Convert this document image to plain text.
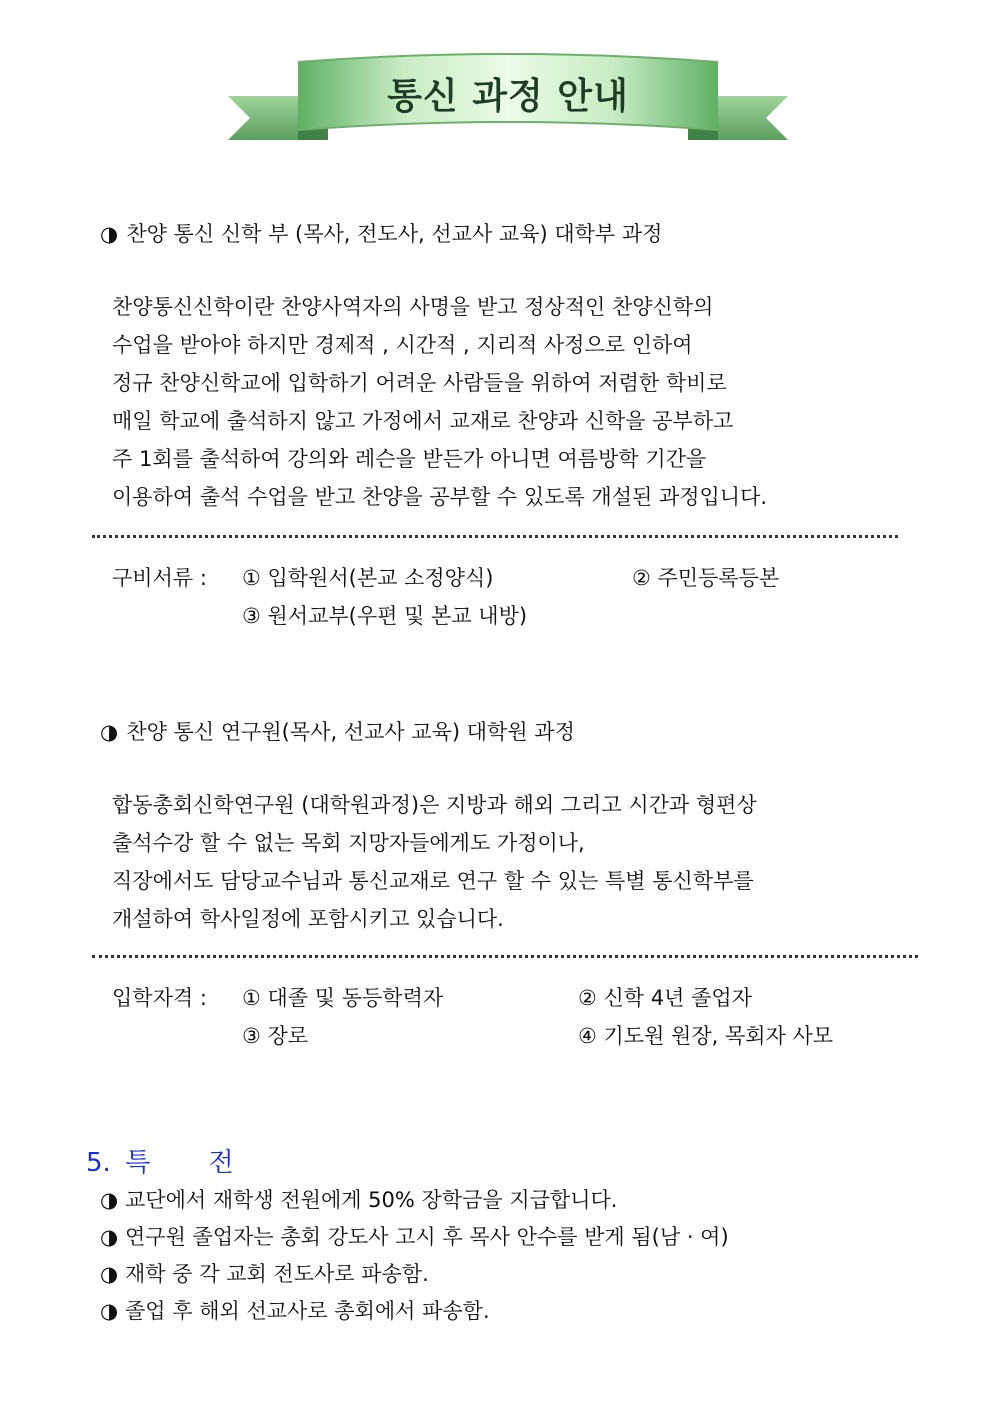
통신 과정 안내
◑ 찬양 통신 신학 부 (목사, 전도사, 선교사 교육) 대학부 과정
찬양통신신학이란 찬양사역자의 사명을 받고 정상적인 찬양신학의
수업을 받아야 하지만 경제적 , 시간적 , 지리적 사정으로 인하여
정규 찬양신학교에 입학하기 어려운 사람들을 위하여 저렴한 학비로
매일 학교에 출석하지 않고 가정에서 교재로 찬양과 신학을 공부하고
주 1회를 출석하여 강의와 레슨을 받든가 아니면 여름방학 기간을
이용하여 출석 수업을 받고 찬양을 공부할 수 있도록 개설된 과정입니다.
구비서류 : ① 입학원서(본교 소정양식)	② 주민등록등본
③ 원서교부(우편 및 본교 내방)
◑ 찬양 통신 연구원(목사, 선교사 교육) 대학원 과정
합동총회신학연구원 (대학원과정)은 지방과 해외 그리고 시간과 형편상
출석수강 할 수 없는 목회 지망자들에게도 가정이나,
직장에서도 담당교수님과 통신교재로 연구 할 수 있는 특별 통신학부를
개설하여 학사일정에 포함시키고 있습니다.
입학자격 : ① 대졸 및 동등학력자	② 신학 4년 졸업자
③ 장로	④ 기도원 원장, 목회자 사모
5. 특 전
◑ 교단에서 재학생 전원에게 50% 장학금을 지급합니다.
◑ 연구원 졸업자는 총회 강도사 고시 후 목사 안수를 받게 됨(남 · 여)
◑ 재학 중 각 교회 전도사로 파송함.
◑ 졸업 후 해외 선교사로 총회에서 파송함.
